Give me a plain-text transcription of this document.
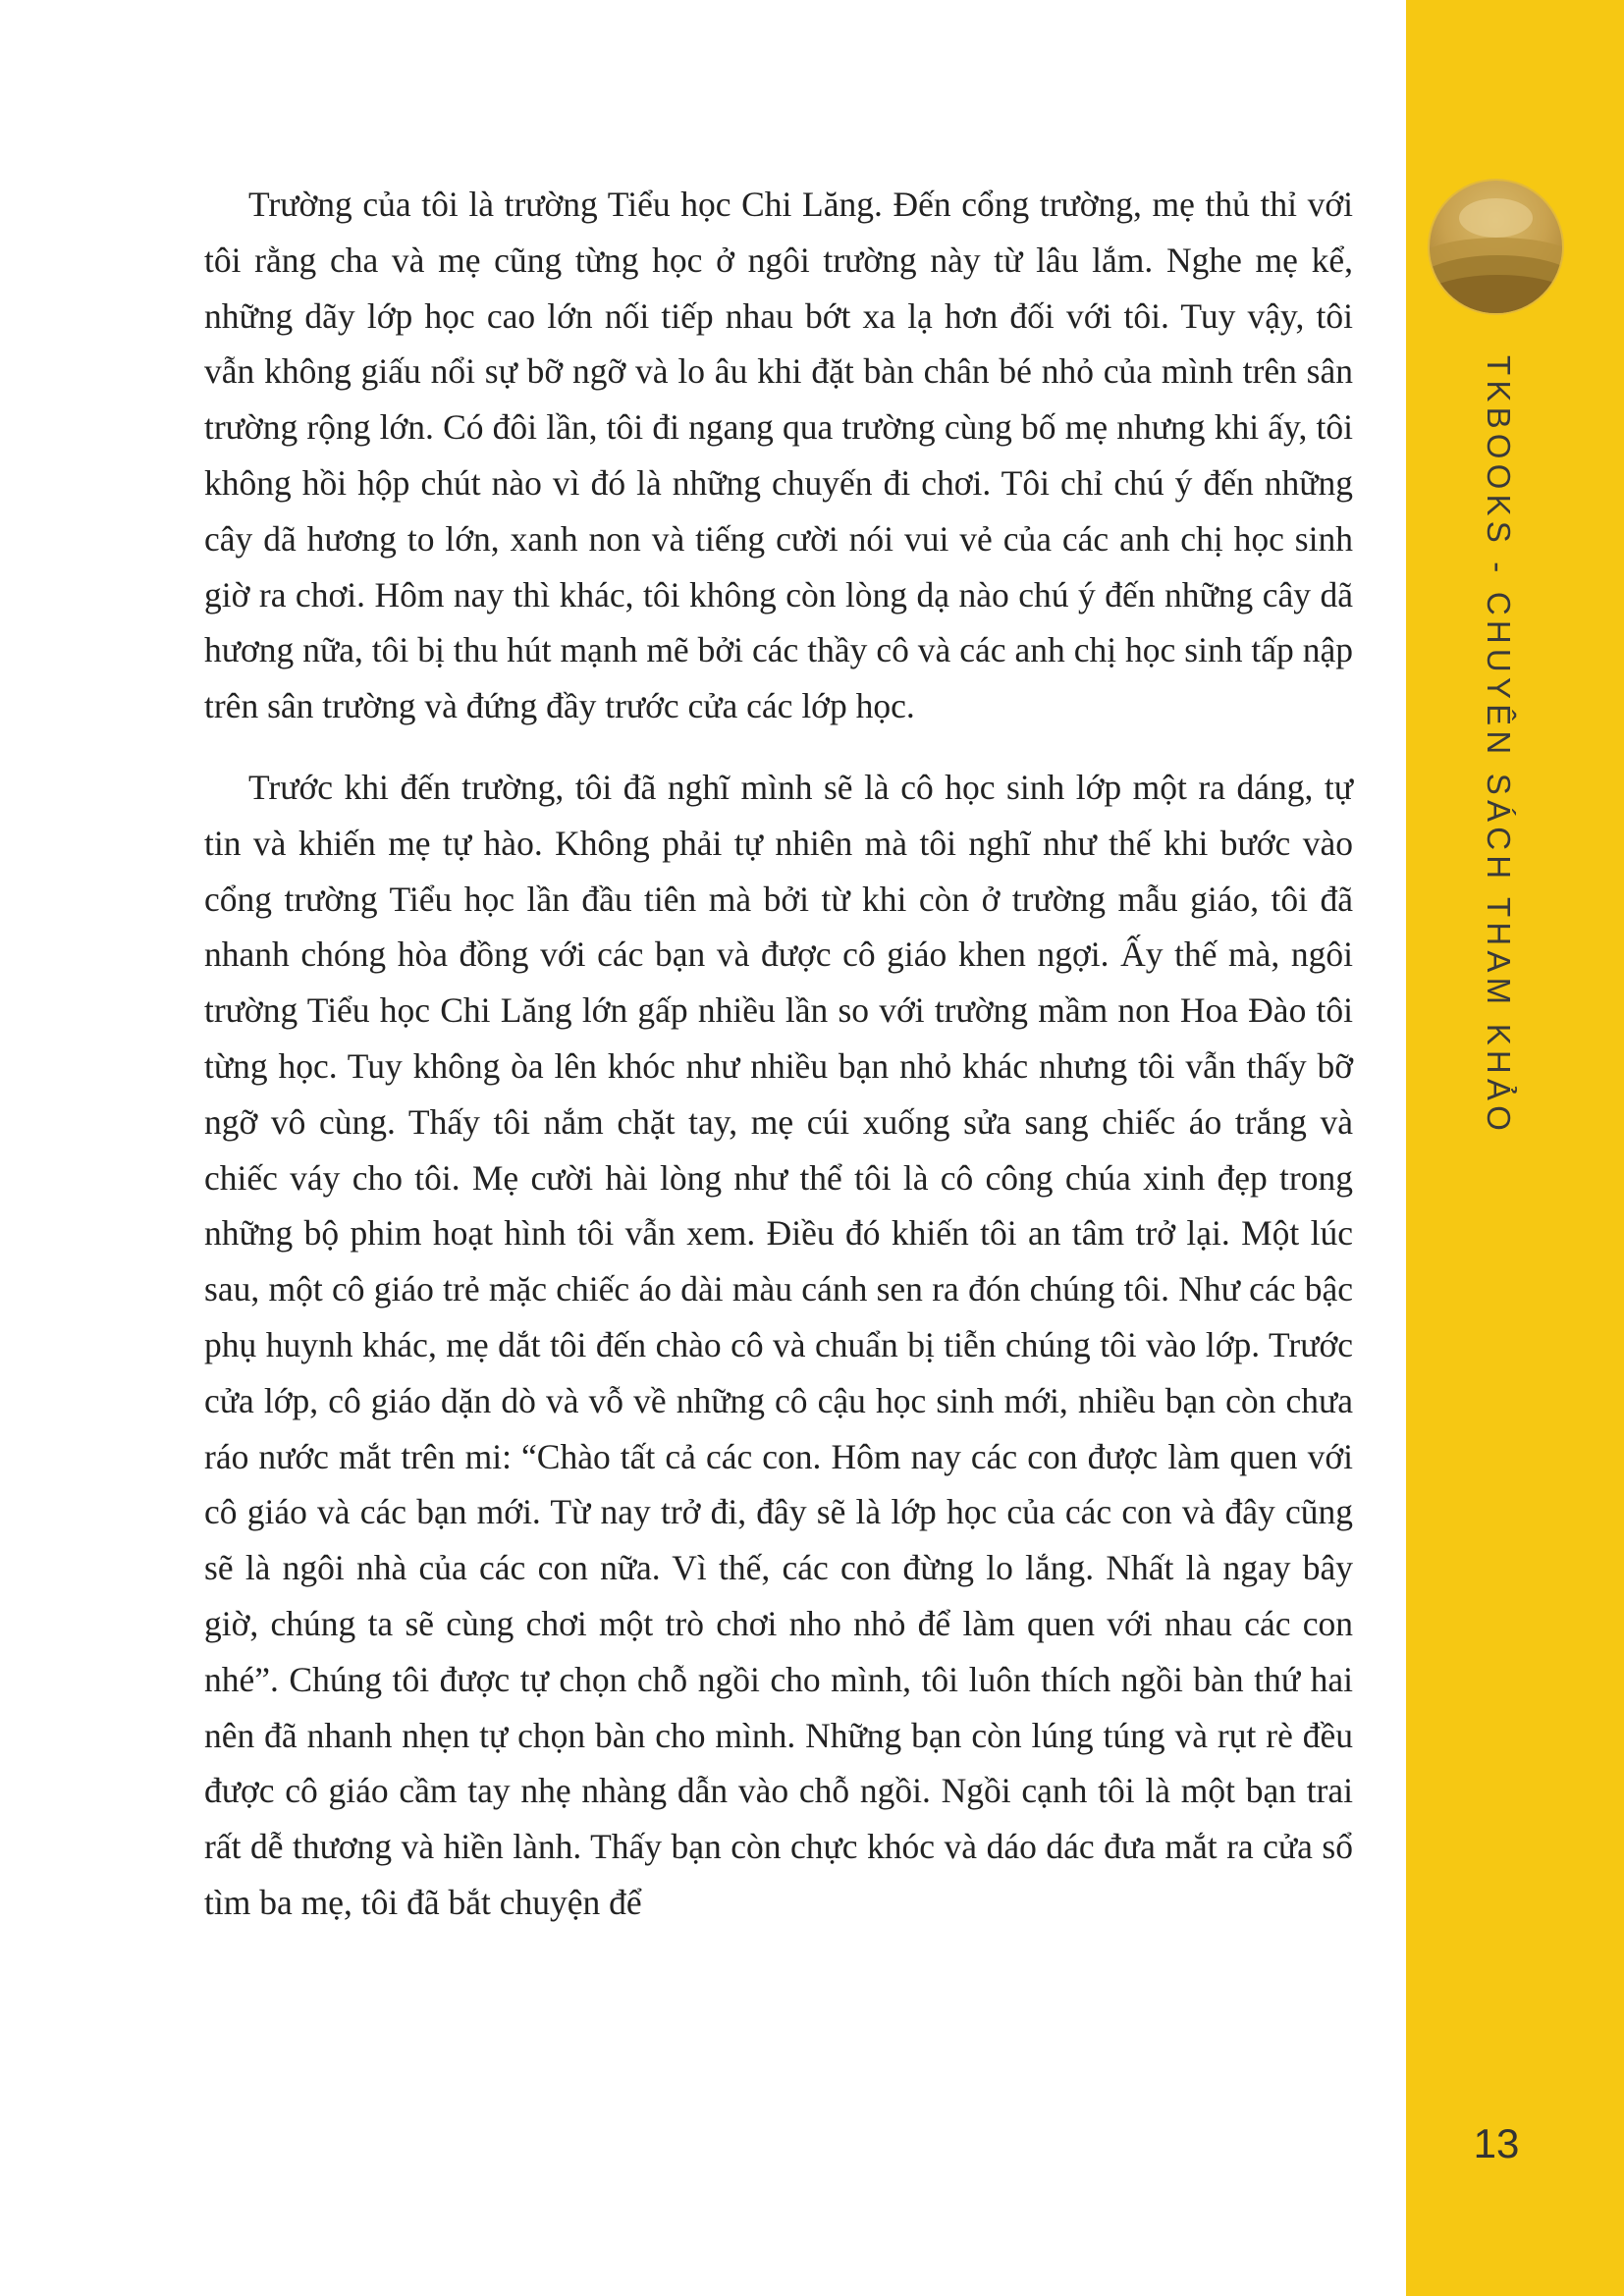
Trường của tôi là trường Tiểu học Chi Lăng. Đến cổng trường, mẹ thủ thỉ với tôi rằng cha và mẹ cũng từng học ở ngôi trường này từ lâu lắm. Nghe mẹ kể, những dãy lớp học cao lớn nối tiếp nhau bớt xa lạ hơn đối với tôi. Tuy vậy, tôi vẫn không giấu nổi sự bỡ ngỡ và lo âu khi đặt bàn chân bé nhỏ của mình trên sân trường rộng lớn. Có đôi lần, tôi đi ngang qua trường cùng bố mẹ nhưng khi ấy, tôi không hồi hộp chút nào vì đó là những chuyến đi chơi. Tôi chỉ chú ý đến những cây dã hương to lớn, xanh non và tiếng cười nói vui vẻ của các anh chị học sinh giờ ra chơi. Hôm nay thì khác, tôi không còn lòng dạ nào chú ý đến những cây dã hương nữa, tôi bị thu hút mạnh mẽ bởi các thầy cô và các anh chị học sinh tấp nập trên sân trường và đứng đầy trước cửa các lớp học.

Trước khi đến trường, tôi đã nghĩ mình sẽ là cô học sinh lớp một ra dáng, tự tin và khiến mẹ tự hào. Không phải tự nhiên mà tôi nghĩ như thế khi bước vào cổng trường Tiểu học lần đầu tiên mà bởi từ khi còn ở trường mẫu giáo, tôi đã nhanh chóng hòa đồng với các bạn và được cô giáo khen ngợi. Ấy thế mà, ngôi trường Tiểu học Chi Lăng lớn gấp nhiều lần so với trường mầm non Hoa Đào tôi từng học. Tuy không òa lên khóc như nhiều bạn nhỏ khác nhưng tôi vẫn thấy bỡ ngỡ vô cùng. Thấy tôi nắm chặt tay, mẹ cúi xuống sửa sang chiếc áo trắng và chiếc váy cho tôi. Mẹ cười hài lòng như thể tôi là cô công chúa xinh đẹp trong những bộ phim hoạt hình tôi vẫn xem. Điều đó khiến tôi an tâm trở lại. Một lúc sau, một cô giáo trẻ mặc chiếc áo dài màu cánh sen ra đón chúng tôi. Như các bậc phụ huynh khác, mẹ dắt tôi đến chào cô và chuẩn bị tiễn chúng tôi vào lớp. Trước cửa lớp, cô giáo dặn dò và vỗ về những cô cậu học sinh mới, nhiều bạn còn chưa ráo nước mắt trên mi: “Chào tất cả các con. Hôm nay các con được làm quen với cô giáo và các bạn mới. Từ nay trở đi, đây sẽ là lớp học của các con và đây cũng sẽ là ngôi nhà của các con nữa. Vì thế, các con đừng lo lắng. Nhất là ngay bây giờ, chúng ta sẽ cùng chơi một trò chơi nho nhỏ để làm quen với nhau các con nhé”. Chúng tôi được tự chọn chỗ ngồi cho mình, tôi luôn thích ngồi bàn thứ hai nên đã nhanh nhẹn tự chọn bàn cho mình. Những bạn còn lúng túng và rụt rè đều được cô giáo cầm tay nhẹ nhàng dẫn vào chỗ ngồi. Ngồi cạnh tôi là một bạn trai rất dễ thương và hiền lành. Thấy bạn còn chực khóc và dáo dác đưa mắt ra cửa sổ tìm ba mẹ, tôi đã bắt chuyện để

TKBOOKS - CHUYÊN SÁCH THAM KHẢO
13
